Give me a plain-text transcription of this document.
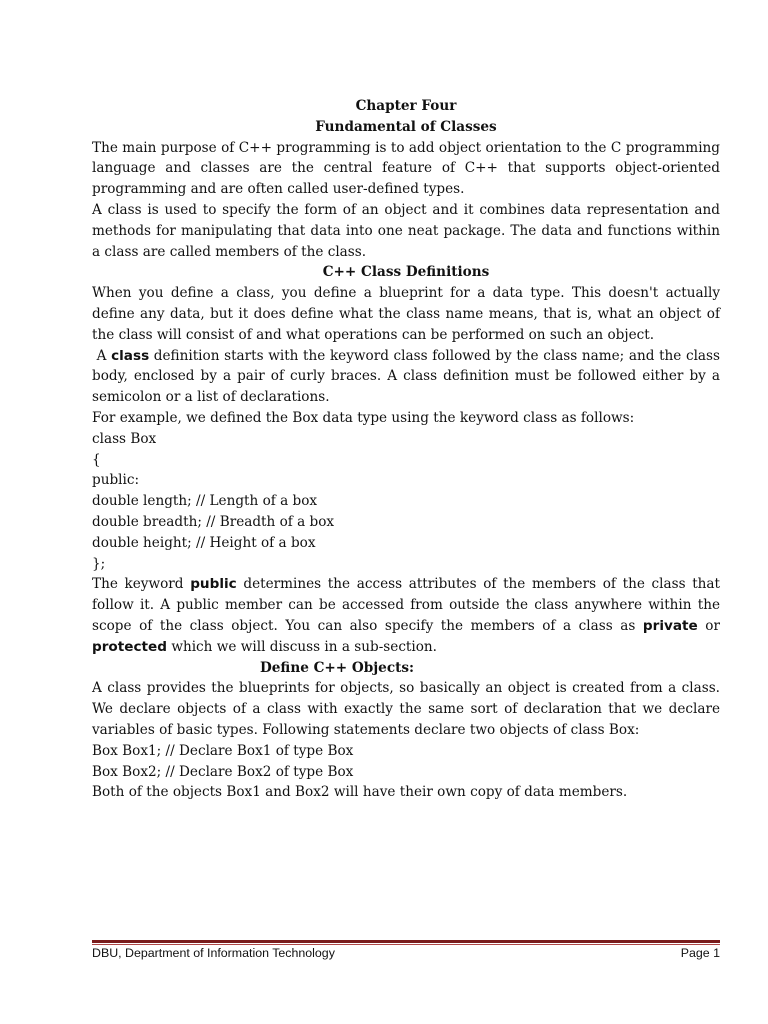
Chapter Four

Fundamental of Classes

The main purpose of C++ programming is to add object orientation to the C programming language and classes are the central feature of C++ that supports object-oriented programming and are often called user-defined types.

A class is used to specify the form of an object and it combines data representation and methods for manipulating that data into one neat package. The data and functions within a class are called members of the class.

C++ Class Definitions

When you define a class, you define a blueprint for a data type. This doesn't actually define any data, but it does define what the class name means, that is, what an object of the class will consist of and what operations can be performed on such an object.

A class definition starts with the keyword class followed by the class name; and the class body, enclosed by a pair of curly braces. A class definition must be followed either by a semicolon or a list of declarations.

For example, we defined the Box data type using the keyword class as follows:

class Box

{

public:

double length; // Length of a box

double breadth; // Breadth of a box

double height; // Height of a box

};

The keyword public determines the access attributes of the members of the class that follow it. A public member can be accessed from outside the class anywhere within the scope of the class object. You can also specify the members of a class as private or protected which we will discuss in a sub-section.

Define C++ Objects:

A class provides the blueprints for objects, so basically an object is created from a class. We declare objects of a class with exactly the same sort of declaration that we declare variables of basic types. Following statements declare two objects of class Box:

Box Box1; // Declare Box1 of type Box

Box Box2; // Declare Box2 of type Box

Both of the objects Box1 and Box2 will have their own copy of data members.

DBU, Department of Information Technology	Page 1
